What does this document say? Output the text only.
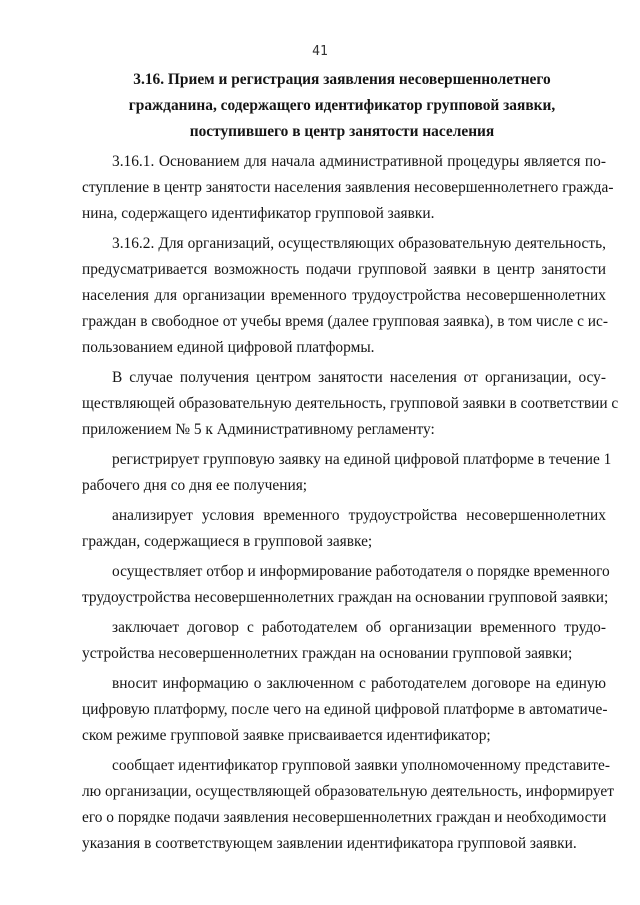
41
3.16. Прием и регистрация заявления несовершеннолетнего
гражданина, содержащего идентификатор групповой заявки,
поступившего в центр занятости населения

3.16.1. Основанием для начала административной процедуры является по-
ступление в центр занятости населения заявления несовершеннолетнего гражда-
нина, содержащего идентификатор групповой заявки.

3.16.2. Для организаций, осуществляющих образовательную деятельность,
предусматривается возможность подачи групповой заявки в центр занятости
населения для организации временного трудоустройства несовершеннолетних
граждан в свободное от учебы время (далее групповая заявка), в том числе с ис-
пользованием единой цифровой платформы.

В случае получения центром занятости населения от организации, осу-
ществляющей образовательную деятельность, групповой заявки в соответствии с
приложением № 5 к Административному регламенту:

регистрирует групповую заявку на единой цифровой платформе в течение 1
рабочего дня со дня ее получения;

анализирует условия временного трудоустройства несовершеннолетних
граждан, содержащиеся в групповой заявке;

осуществляет отбор и информирование работодателя о порядке временного
трудоустройства несовершеннолетних граждан на основании групповой заявки;

заключает договор с работодателем об организации временного трудо-
устройства несовершеннолетних граждан на основании групповой заявки;

вносит информацию о заключенном с работодателем договоре на единую
цифровую платформу, после чего на единой цифровой платформе в автоматиче-
ском режиме групповой заявке присваивается идентификатор;

сообщает идентификатор групповой заявки уполномоченному представите-
лю организации, осуществляющей образовательную деятельность, информирует
его о порядке подачи заявления несовершеннолетних граждан и необходимости
указания в соответствующем заявлении идентификатора групповой заявки.
